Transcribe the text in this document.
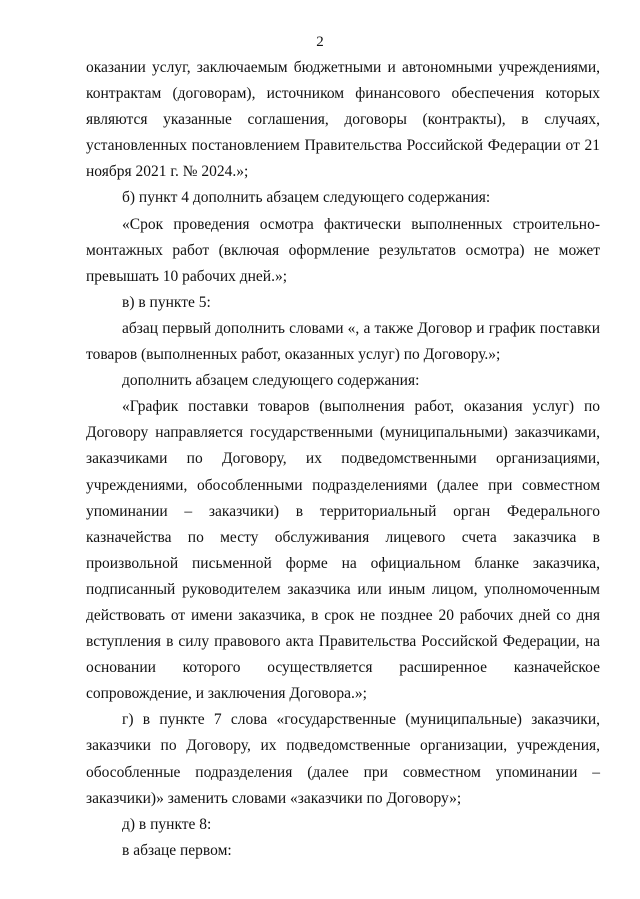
2

оказании услуг, заключаемым бюджетными и автономными учреждениями, контрактам (договорам), источником финансового обеспечения которых являются указанные соглашения, договоры (контракты), в случаях, установленных постановлением Правительства Российской Федерации от 21 ноября 2021 г. № 2024.»;

б) пункт 4 дополнить абзацем следующего содержания:

«Срок проведения осмотра фактически выполненных строительно-монтажных работ (включая оформление результатов осмотра) не может превышать 10 рабочих дней.»;

в) в пункте 5:

абзац первый дополнить словами «, а также Договор и график поставки товаров (выполненных работ, оказанных услуг) по Договору.»;

дополнить абзацем следующего содержания:

«График поставки товаров (выполнения работ, оказания услуг) по Договору направляется государственными (муниципальными) заказчиками, заказчиками по Договору, их подведомственными организациями, учреждениями, обособленными подразделениями (далее при совместном упоминании – заказчики) в территориальный орган Федерального казначейства по месту обслуживания лицевого счета заказчика в произвольной письменной форме на официальном бланке заказчика, подписанный руководителем заказчика или иным лицом, уполномоченным действовать от имени заказчика, в срок не позднее 20 рабочих дней со дня вступления в силу правового акта Правительства Российской Федерации, на основании которого осуществляется расширенное казначейское сопровождение, и заключения Договора.»;

г) в пункте 7 слова «государственные (муниципальные) заказчики, заказчики по Договору, их подведомственные организации, учреждения, обособленные подразделения (далее при совместном упоминании – заказчики)» заменить словами «заказчики по Договору»;

д) в пункте 8:

в абзаце первом:
